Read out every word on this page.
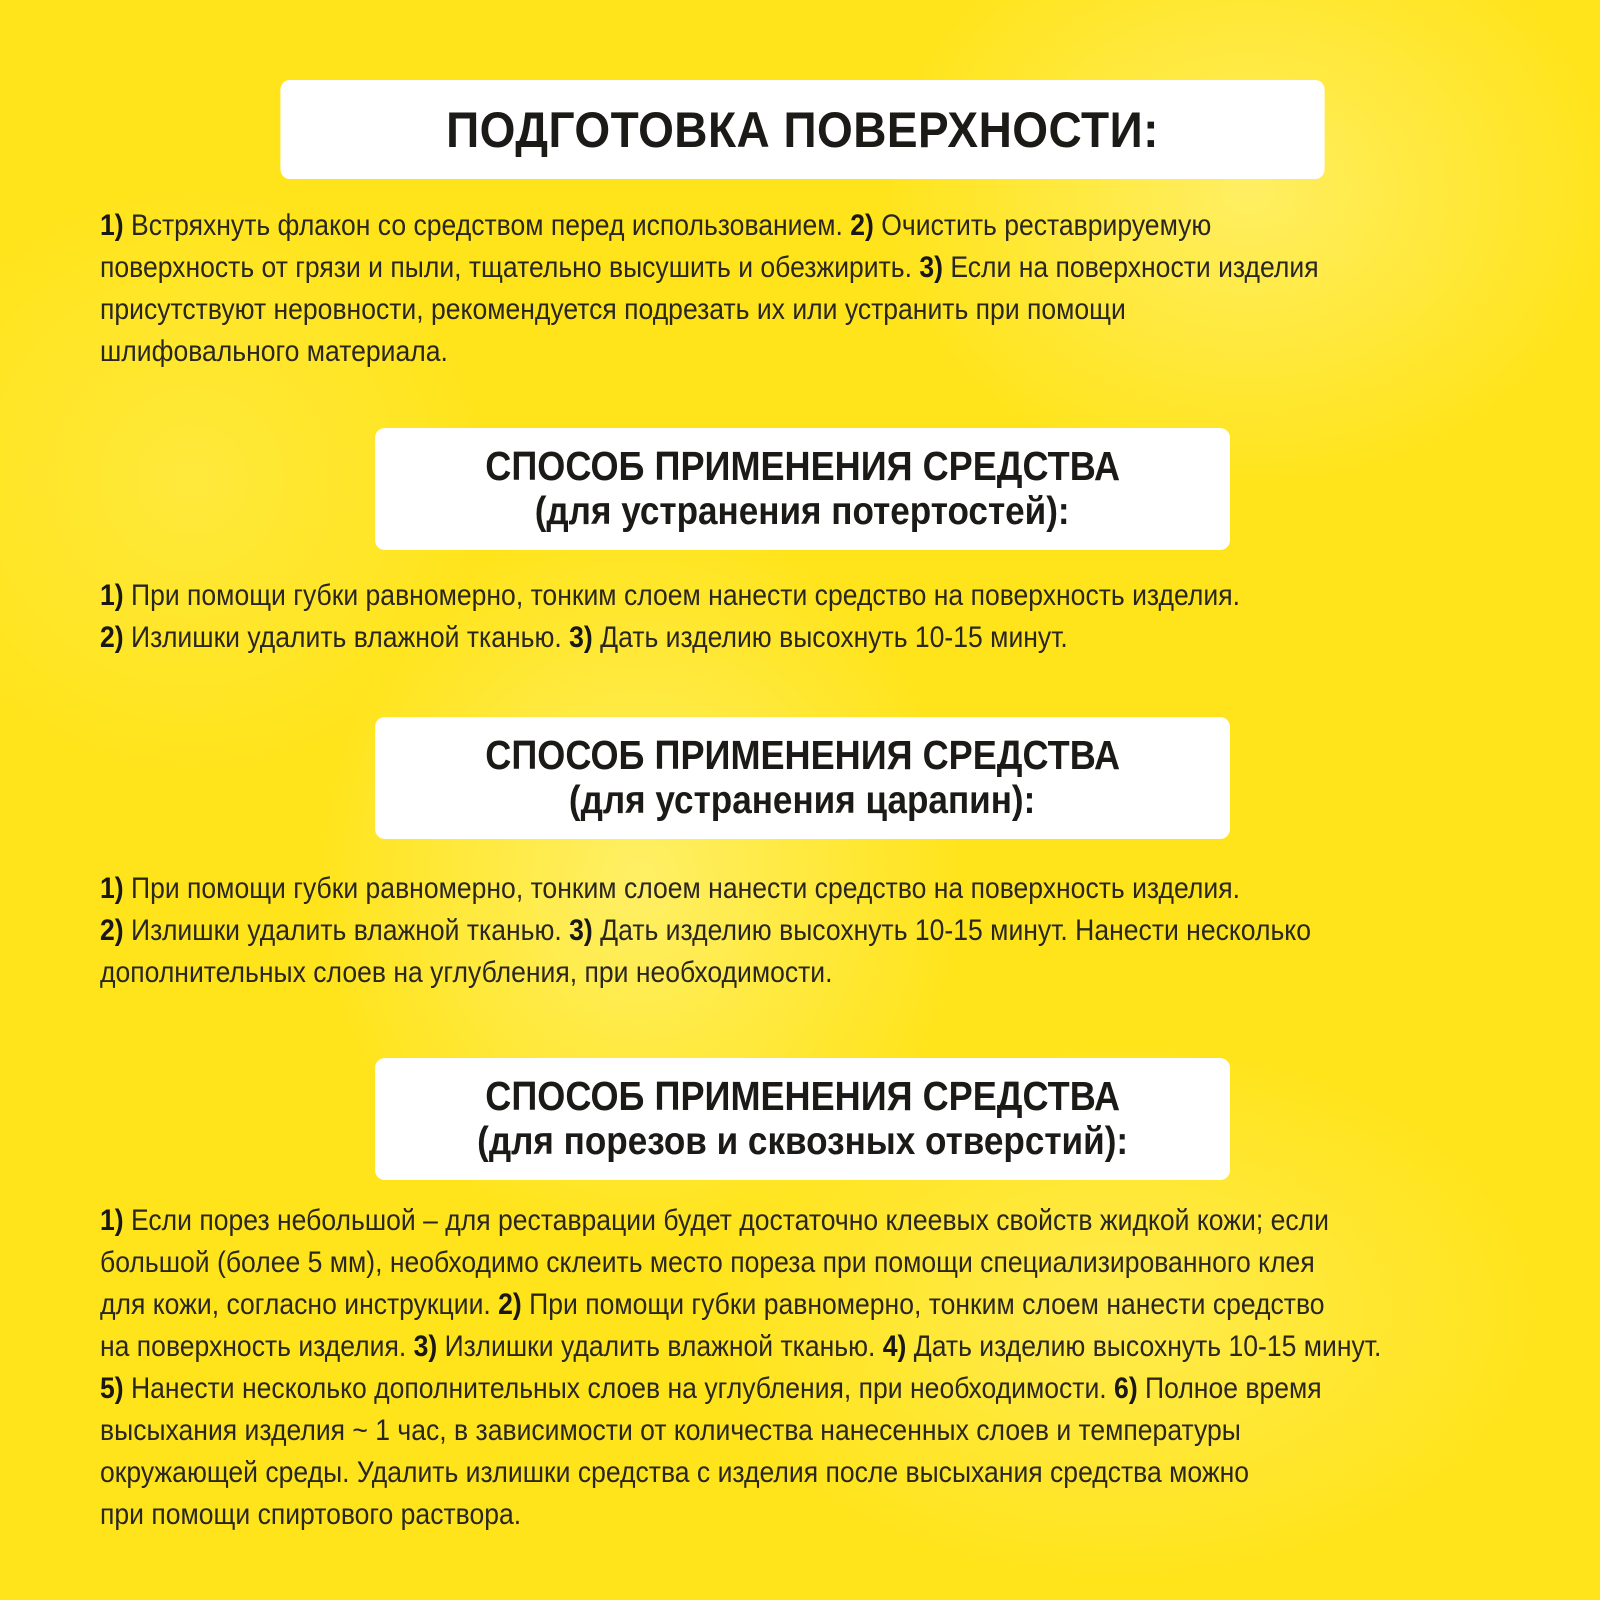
ПОДГОТОВКА ПОВЕРХНОСТИ:
1) Встряхнуть флакон со средством перед использованием. 2) Очистить реставрируемую
поверхность от грязи и пыли, тщательно высушить и обезжирить. 3) Если на поверхности изделия
присутствуют неровности, рекомендуется подрезать их или устранить при помощи
шлифовального материала.
СПОСОБ ПРИМЕНЕНИЯ СРЕДСТВА
(для устранения потертостей):
1) При помощи губки равномерно, тонким слоем нанести средство на поверхность изделия.
2) Излишки удалить влажной тканью. 3) Дать изделию высохнуть 10-15 минут.
СПОСОБ ПРИМЕНЕНИЯ СРЕДСТВА
(для устранения царапин):
1) При помощи губки равномерно, тонким слоем нанести средство на поверхность изделия.
2) Излишки удалить влажной тканью. 3) Дать изделию высохнуть 10-15 минут. Нанести несколько
дополнительных слоев на углубления, при необходимости.
СПОСОБ ПРИМЕНЕНИЯ СРЕДСТВА
(для порезов и сквозных отверстий):
1) Если порез небольшой – для реставрации будет достаточно клеевых свойств жидкой кожи; если
большой (более 5 мм), необходимо склеить место пореза при помощи специализированного клея
для кожи, согласно инструкции. 2) При помощи губки равномерно, тонким слоем нанести средство
на поверхность изделия. 3) Излишки удалить влажной тканью. 4) Дать изделию высохнуть 10-15 минут.
5) Нанести несколько дополнительных слоев на углубления, при необходимости. 6) Полное время
высыхания изделия ~ 1 час, в зависимости от количества нанесенных слоев и температуры
окружающей среды. Удалить излишки средства с изделия после высыхания средства можно
при помощи спиртового раствора.
